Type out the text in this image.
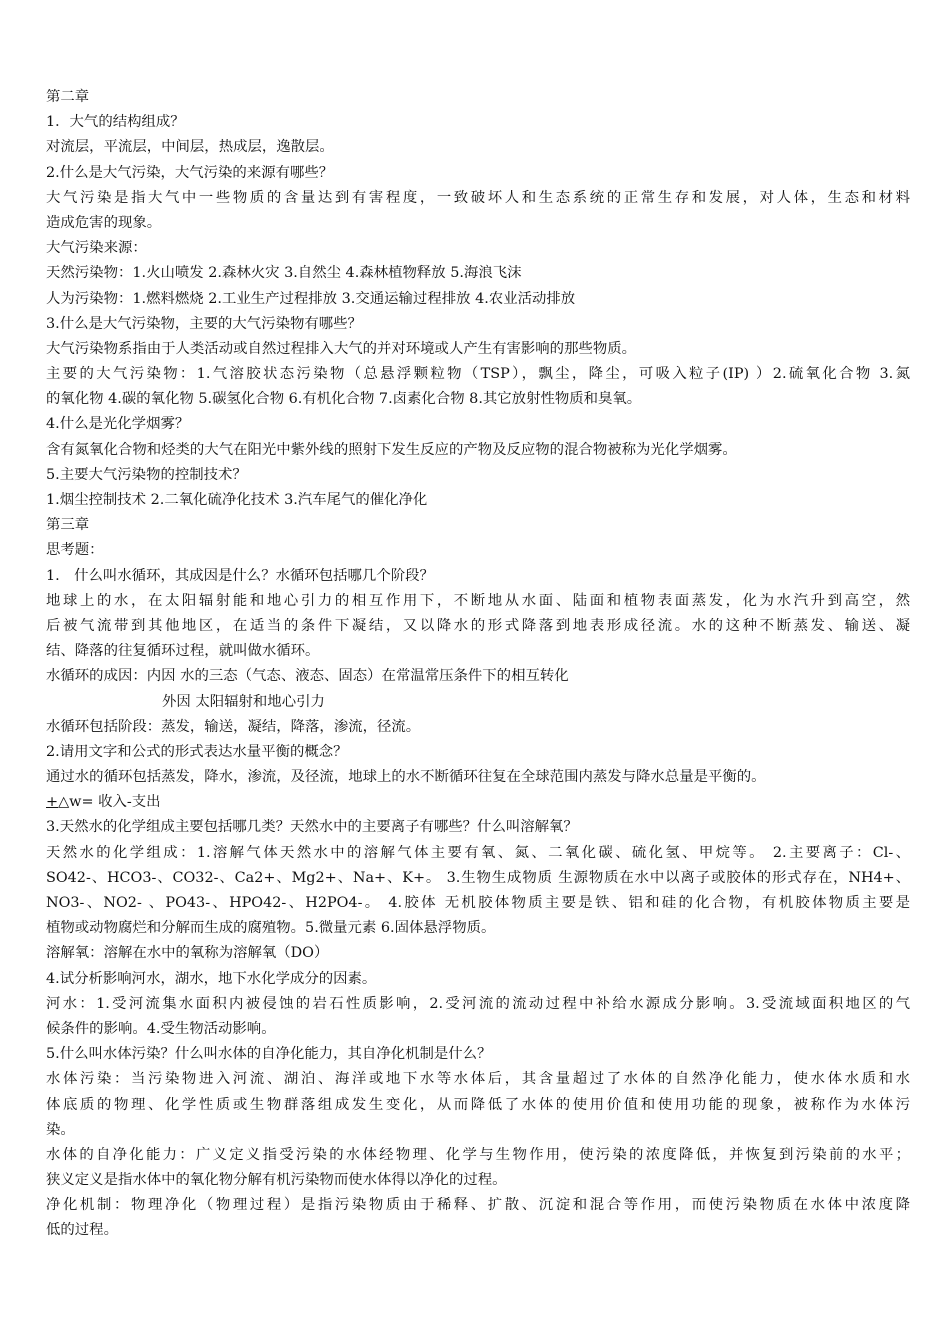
第二章
1．大气的结构组成？
对流层，平流层，中间层，热成层，逸散层。
2.什么是大气污染，大气污染的来源有哪些？
大气污染是指大气中一些物质的含量达到有害程度，一致破坏人和生态系统的正常生存和发展，对人体，生态和材料
造成危害的现象。
大气污染来源：
天然污染物：1.火山喷发 2.森林火灾 3.自然尘 4.森林植物释放 5.海浪飞沫
人为污染物：1.燃料燃烧 2.工业生产过程排放 3.交通运输过程排放 4.农业活动排放
3.什么是大气污染物，主要的大气污染物有哪些？
大气污染物系指由于人类活动或自然过程排入大气的并对环境或人产生有害影响的那些物质。
主要的大气污染物：1.气溶胶状态污染物（总悬浮颗粒物（TSP），飘尘，降尘，可吸入粒子(IP) ）2.硫氧化合物 3.氮
的氧化物 4.碳的氧化物 5.碳氢化合物 6.有机化合物 7.卤素化合物 8.其它放射性物质和臭氧。
4.什么是光化学烟雾？
含有氮氧化合物和烃类的大气在阳光中紫外线的照射下发生反应的产物及反应物的混合物被称为光化学烟雾。
5.主要大气污染物的控制技术？
1.烟尘控制技术 2.二氧化硫净化技术 3.汽车尾气的催化净化
第三章
思考题：
1.　什么叫水循环，其成因是什么？水循环包括哪几个阶段？
地球上的水，在太阳辐射能和地心引力的相互作用下，不断地从水面、陆面和植物表面蒸发，化为水汽升到高空，然
后被气流带到其他地区，在适当的条件下凝结，又以降水的形式降落到地表形成径流。水的这种不断蒸发、输送、凝
结、降落的往复循环过程，就叫做水循环。
水循环的成因：内因 水的三态（气态、液态、固态）在常温常压条件下的相互转化
外因 太阳辐射和地心引力
水循环包括阶段：蒸发，输送，凝结，降落，渗流，径流。
2.请用文字和公式的形式表达水量平衡的概念？
通过水的循环包括蒸发，降水，渗流，及径流，地球上的水不断循环往复在全球范围内蒸发与降水总量是平衡的。
+△w= 收入-支出
3.天然水的化学组成主要包括哪几类？天然水中的主要离子有哪些？什么叫溶解氧？
天然水的化学组成：1.溶解气体天然水中的溶解气体主要有氧、氮、二氧化碳、硫化氢、甲烷等。 2.主要离子：Cl-、
SO42-、HCO3-、CO32-、Ca2+、Mg2+、Na+、K+。 3.生物生成物质 生源物质在水中以离子或胶体的形式存在，NH4+、
NO3-、NO2- 、PO43-、HPO42-、H2PO4-。 4.胶体 无机胶体物质主要是铁、铝和硅的化合物，有机胶体物质主要是
植物或动物腐烂和分解而生成的腐殖物。5.微量元素 6.固体悬浮物质。
溶解氧：溶解在水中的氧称为溶解氧（DO）
4.试分析影响河水，湖水，地下水化学成分的因素。
河水：1.受河流集水面积内被侵蚀的岩石性质影响，2.受河流的流动过程中补给水源成分影响。3.受流域面积地区的气
候条件的影响。4.受生物活动影响。
5.什么叫水体污染？什么叫水体的自净化能力，其自净化机制是什么？
水体污染：当污染物进入河流、湖泊、海洋或地下水等水体后，其含量超过了水体的自然净化能力，使水体水质和水
体底质的物理、化学性质或生物群落组成发生变化，从而降低了水体的使用价值和使用功能的现象，被称作为水体污
染。
水体的自净化能力：广义定义指受污染的水体经物理、化学与生物作用，使污染的浓度降低，并恢复到污染前的水平；
狭义定义是指水体中的氧化物分解有机污染物而使水体得以净化的过程。
净化机制：物理净化（物理过程）是指污染物质由于稀释、扩散、沉淀和混合等作用，而使污染物质在水体中浓度降
低的过程。
